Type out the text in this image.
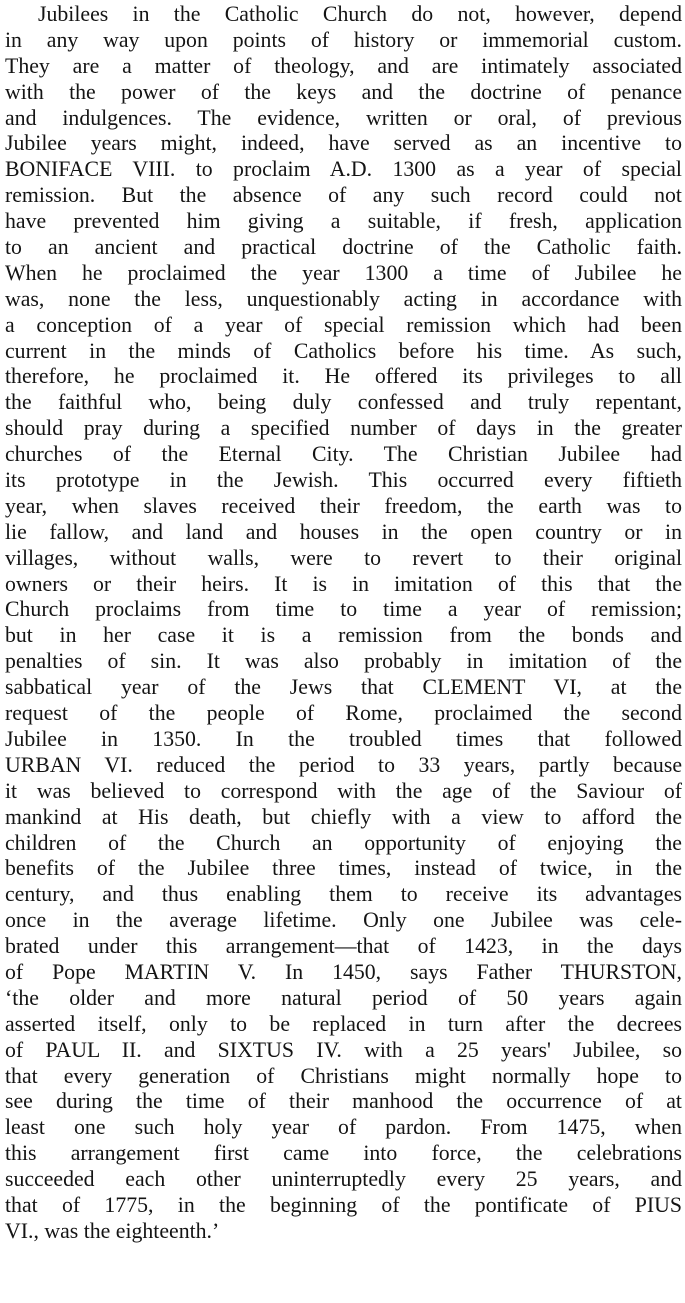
Jubilees in the Catholic Church do not, however, depend
in any way upon points of history or immemorial custom.
They are a matter of theology, and are intimately associated
with the power of the keys and the doctrine of penance
and indulgences. The evidence, written or oral, of previous
Jubilee years might, indeed, have served as an incentive to
BONIFACE VIII. to proclaim A.D. 1300 as a year of special
remission. But the absence of any such record could not
have prevented him giving a suitable, if fresh, application
to an ancient and practical doctrine of the Catholic faith.
When he proclaimed the year 1300 a time of Jubilee he
was, none the less, unquestionably acting in accordance with
a conception of a year of special remission which had been
current in the minds of Catholics before his time. As such,
therefore, he proclaimed it. He offered its privileges to all
the faithful who, being duly confessed and truly repentant,
should pray during a specified number of days in the greater
churches of the Eternal City. The Christian Jubilee had
its prototype in the Jewish. This occurred every fiftieth
year, when slaves received their freedom, the earth was to
lie fallow, and land and houses in the open country or in
villages, without walls, were to revert to their original
owners or their heirs. It is in imitation of this that the
Church proclaims from time to time a year of remission;
but in her case it is a remission from the bonds and
penalties of sin. It was also probably in imitation of the
sabbatical year of the Jews that CLEMENT VI, at the
request of the people of Rome, proclaimed the second
Jubilee in 1350. In the troubled times that followed
URBAN VI. reduced the period to 33 years, partly because
it was believed to correspond with the age of the Saviour of
mankind at His death, but chiefly with a view to afford the
children of the Church an opportunity of enjoying the
benefits of the Jubilee three times, instead of twice, in the
century, and thus enabling them to receive its advantages
once in the average lifetime. Only one Jubilee was cele-
brated under this arrangement—that of 1423, in the days
of Pope MARTIN V. In 1450, says Father THURSTON,
‘the older and more natural period of 50 years again
asserted itself, only to be replaced in turn after the decrees
of PAUL II. and SIXTUS IV. with a 25 years' Jubilee, so
that every generation of Christians might normally hope to
see during the time of their manhood the occurrence of at
least one such holy year of pardon. From 1475, when
this arrangement first came into force, the celebrations
succeeded each other uninterruptedly every 25 years, and
that of 1775, in the beginning of the pontificate of PIUS
VI., was the eighteenth.’
